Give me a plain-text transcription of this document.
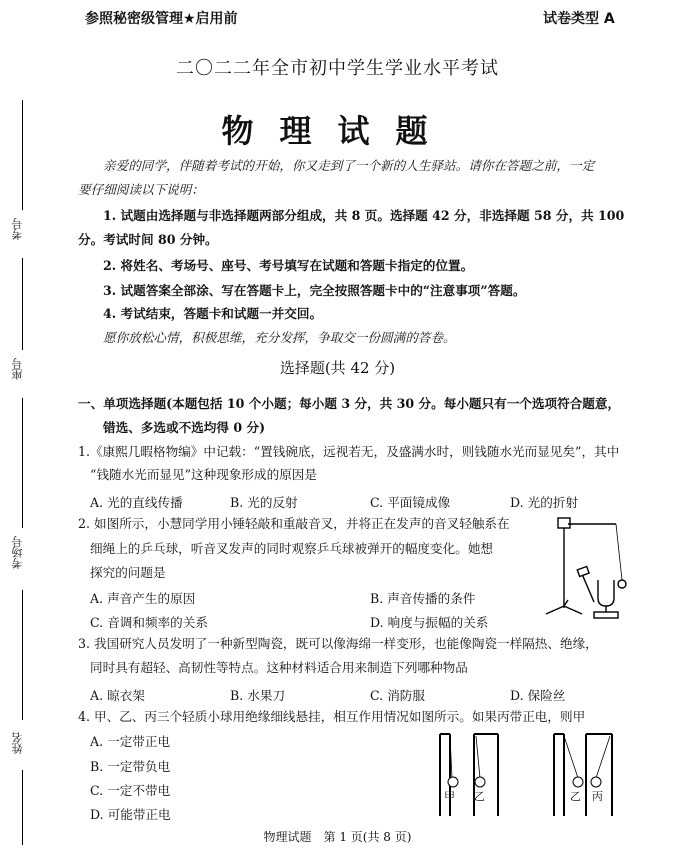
参照秘密级管理★启用前	试卷类型 A
二〇二二年全市初中学生学业水平考试
物理试题
考号
座号
考场号
姓名
亲爱的同学，伴随着考试的开始，你又走到了一个新的人生驿站。请你在答题之前，一定
要仔细阅读以下说明：
1. 试题由选择题与非选择题两部分组成，共 8 页。选择题 42 分，非选择题 58 分，共 100
分。考试时间 80 分钟。
2. 将姓名、考场号、座号、考号填写在试题和答题卡指定的位置。
3. 试题答案全部涂、写在答题卡上，完全按照答题卡中的“注意事项”答题。
4. 考试结束，答题卡和试题一并交回。
愿你放松心情，积极思维，充分发挥，争取交一份圆满的答卷。
选择题(共 42 分)
一、单项选择题(本题包括 10 个小题；每小题 3 分，共 30 分。每小题只有一个选项符合题意，
错选、多选或不选均得 0 分)
1.《康熙几暇格物编》中记载：“置钱碗底，远视若无，及盛满水时，则钱随水光而显见矣”，其中
“钱随水光而显见”这种现象形成的原因是
A. 光的直线传播	B. 光的反射	C. 平面镜成像	D. 光的折射
2. 如图所示，小慧同学用小锤轻敲和重敲音叉，并将正在发声的音叉轻触系在
细绳上的乒乓球，听音叉发声的同时观察乒乓球被弹开的幅度变化。她想
探究的问题是
A. 声音产生的原因	B. 声音传播的条件
C. 音调和频率的关系	D. 响度与振幅的关系
3. 我国研究人员发明了一种新型陶瓷，既可以像海绵一样变形，也能像陶瓷一样隔热、绝缘，
同时具有超轻、高韧性等特点。这种材料适合用来制造下列哪种物品
A. 晾衣架	B. 水果刀	C. 消防服	D. 保险丝
4. 甲、乙、丙三个轻质小球用绝缘细线悬挂，相互作用情况如图所示。如果丙带正电，则甲
A. 一定带正电
B. 一定带负电
C. 一定不带电
D. 可能带正电
甲 乙	乙 丙
物理试题　第 1 页(共 8 页)
